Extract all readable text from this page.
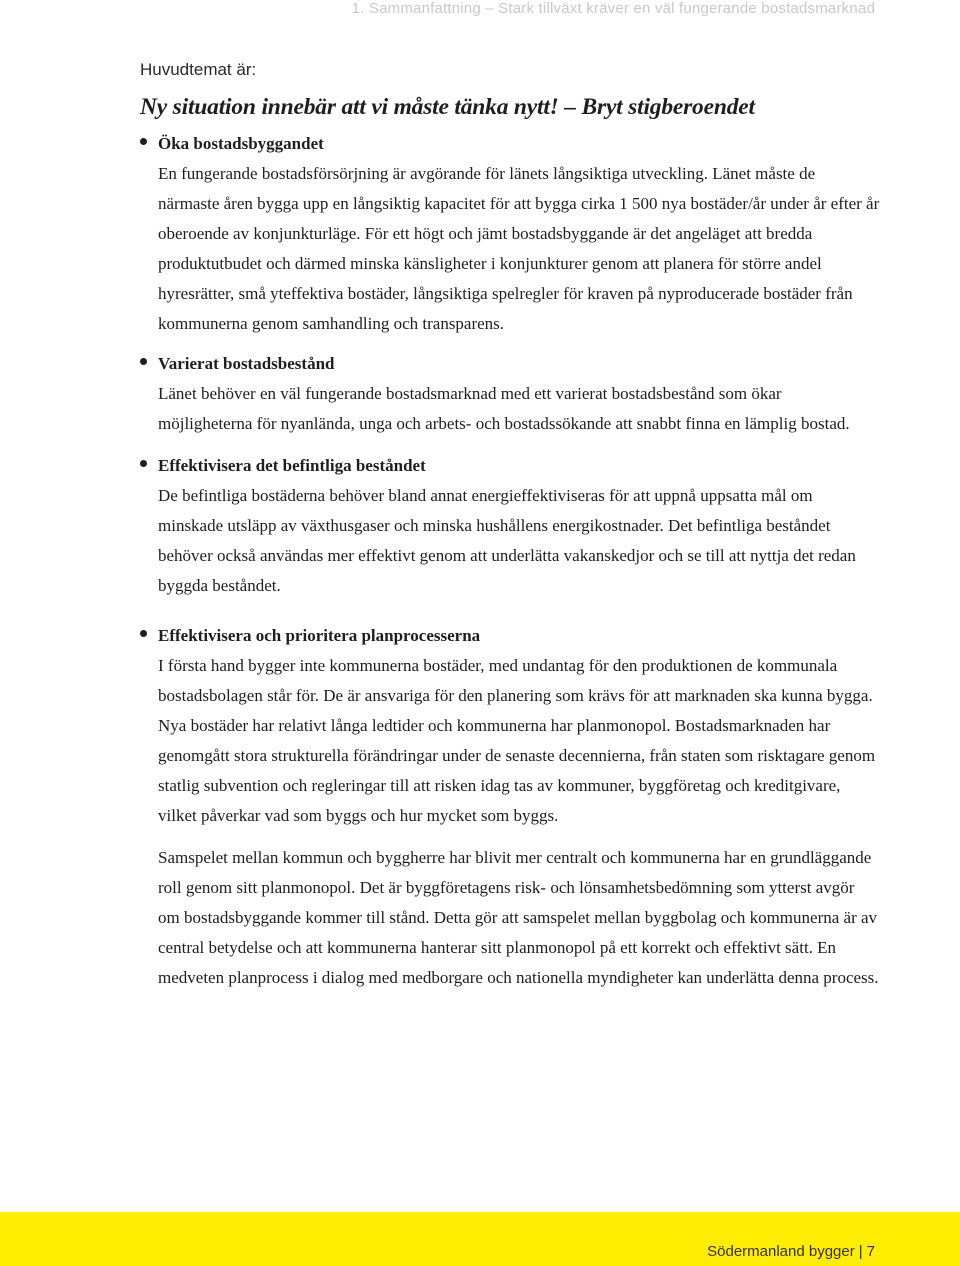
1. Sammanfattning – Stark tillväxt kräver en väl fungerande bostadsmarknad

Huvudtemat är:

Ny situation innebär att vi måste tänka nytt! – Bryt stigberoendet
Öka bostadsbyggandet

En fungerande bostadsförsörjning är avgörande för länets långsiktiga utveckling. Länet måste de närmaste åren bygga upp en långsiktig kapacitet för att bygga cirka 1 500 nya bostäder/år under år efter år oberoende av konjunkturläge. För ett högt och jämt bostadsbyggande är det angeläget att bredda produktutbudet och därmed minska känsligheter i konjunkturer genom att planera för större andel hyresrätter, små yteffektiva bostäder, långsiktiga spelregler för kraven på nyproducerade bostäder från kommunerna genom samhandling och transparens.

Varierat bostadsbestånd

Länet behöver en väl fungerande bostadsmarknad med ett varierat bostadsbestånd som ökar möjligheterna för nyanlända, unga och arbets- och bostadssökande att snabbt finna en lämplig bostad.

Effektivisera det befintliga beståndet

De befintliga bostäderna behöver bland annat energieffektiviseras för att uppnå uppsatta mål om minskade utsläpp av växthusgaser och minska hushållens energikostnader. Det befintliga beståndet behöver också användas mer effektivt genom att underlätta vakanskedjor och se till att nyttja det redan byggda beståndet.

Effektivisera och prioritera planprocesserna

I första hand bygger inte kommunerna bostäder, med undantag för den produktionen de kommunala bostadsbolagen står för. De är ansvariga för den planering som krävs för att marknaden ska kunna bygga. Nya bostäder har relativt långa ledtider och kommunerna har planmonopol. Bostadsmarknaden har genomgått stora strukturella förändringar under de senaste decennierna, från staten som risktagare genom statlig subvention och regleringar till att risken idag tas av kommuner, byggföretag och kreditgivare, vilket påverkar vad som byggs och hur mycket som byggs.

Samspelet mellan kommun och byggherre har blivit mer centralt och kommunerna har en grundläggande roll genom sitt planmonopol. Det är byggföretagens risk- och lönsamhetsbedömning som ytterst avgör om bostadsbyggande kommer till stånd. Detta gör att samspelet mellan byggbolag och kommunerna är av central betydelse och att kommunerna hanterar sitt planmonopol på ett korrekt och effektivt sätt. En medveten planprocess i dialog med medborgare och nationella myndigheter kan underlätta denna process.

Södermanland bygger | 7
